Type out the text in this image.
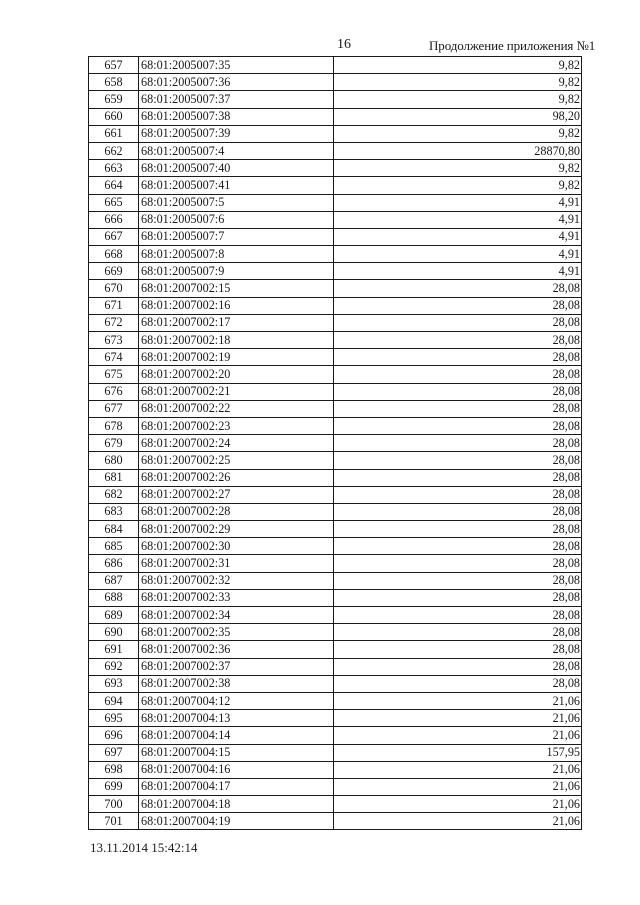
16	Продолжение приложения №1
657	68:01:2005007:35	9,82
658	68:01:2005007:36	9,82
659	68:01:2005007:37	9,82
660	68:01:2005007:38	98,20
661	68:01:2005007:39	9,82
662	68:01:2005007:4	28870,80
663	68:01:2005007:40	9,82
664	68:01:2005007:41	9,82
665	68:01:2005007:5	4,91
666	68:01:2005007:6	4,91
667	68:01:2005007:7	4,91
668	68:01:2005007:8	4,91
669	68:01:2005007:9	4,91
670	68:01:2007002:15	28,08
671	68:01:2007002:16	28,08
672	68:01:2007002:17	28,08
673	68:01:2007002:18	28,08
674	68:01:2007002:19	28,08
675	68:01:2007002:20	28,08
676	68:01:2007002:21	28,08
677	68:01:2007002:22	28,08
678	68:01:2007002:23	28,08
679	68:01:2007002:24	28,08
680	68:01:2007002:25	28,08
681	68:01:2007002:26	28,08
682	68:01:2007002:27	28,08
683	68:01:2007002:28	28,08
684	68:01:2007002:29	28,08
685	68:01:2007002:30	28,08
686	68:01:2007002:31	28,08
687	68:01:2007002:32	28,08
688	68:01:2007002:33	28,08
689	68:01:2007002:34	28,08
690	68:01:2007002:35	28,08
691	68:01:2007002:36	28,08
692	68:01:2007002:37	28,08
693	68:01:2007002:38	28,08
694	68:01:2007004:12	21,06
695	68:01:2007004:13	21,06
696	68:01:2007004:14	21,06
697	68:01:2007004:15	157,95
698	68:01:2007004:16	21,06
699	68:01:2007004:17	21,06
700	68:01:2007004:18	21,06
701	68:01:2007004:19	21,06
13.11.2014 15:42:14
